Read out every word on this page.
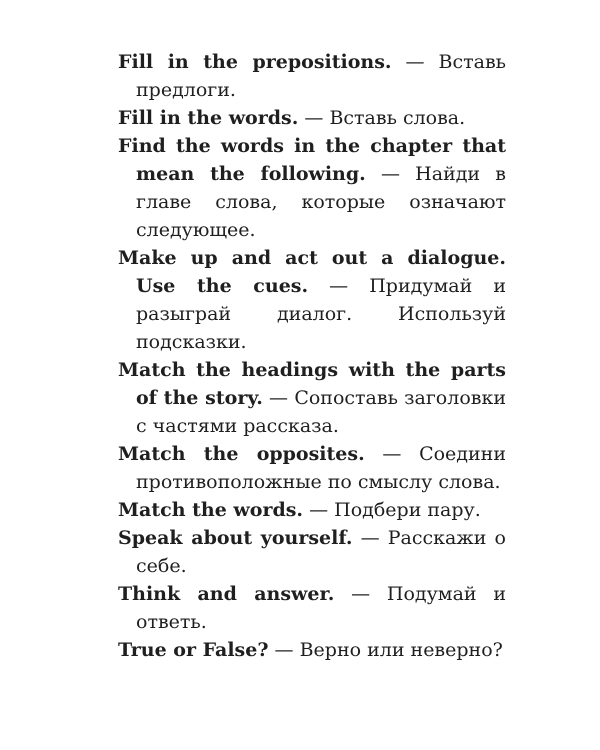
Fill in the prepositions. — Вставь предлоги.

Fill in the words. — Вставь слова.

Find the words in the chapter that mean the following. — Найди в главе слова, которые означают следующее.

Make up and act out a dialogue. Use the cues. — Придумай и разыграй диалог. Используй подсказки.

Match the headings with the parts of the story. — Сопоставь заголовки с частями рассказа.

Match the opposites. — Соедини противоположные по смыслу слова.

Match the words. — Подбери пару.

Speak about yourself. — Расскажи о себе.

Think and answer. — Подумай и ответь.

True or False? — Верно или неверно?
